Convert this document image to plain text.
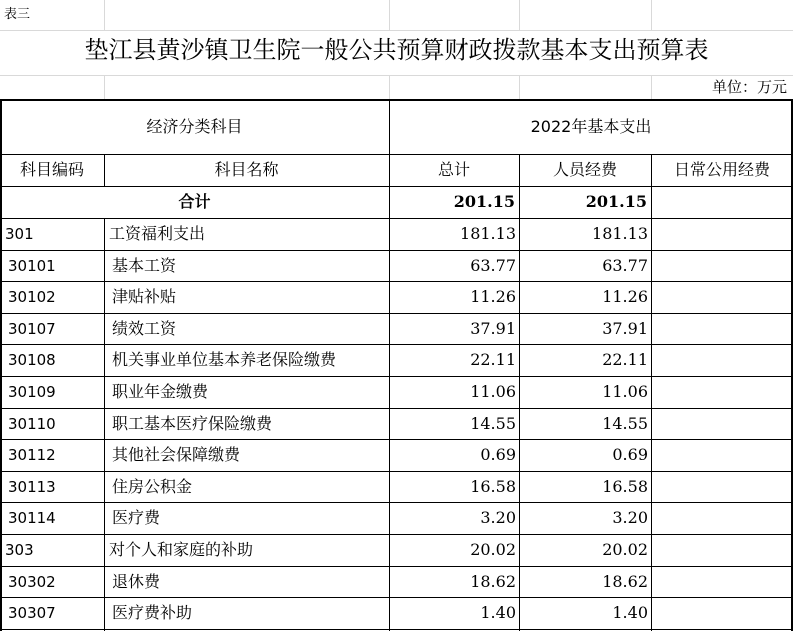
表三
垫江县黄沙镇卫生院一般公共预算财政拨款基本支出预算表
单位：万元
经济分类科目	2022年基本支出
科目编码	科目名称	总计	人员经费	日常公用经费
合计	201.15	201.15
301	工资福利支出	181.13	181.13
30101	基本工资	63.77	63.77
30102	津贴补贴	11.26	11.26
30107	绩效工资	37.91	37.91
30108	机关事业单位基本养老保险缴费	22.11	22.11
30109	职业年金缴费	11.06	11.06
30110	职工基本医疗保险缴费	14.55	14.55
30112	其他社会保障缴费	0.69	0.69
30113	住房公积金	16.58	16.58
30114	医疗费	3.20	3.20
303	对个人和家庭的补助	20.02	20.02
30302	退休费	18.62	18.62
30307	医疗费补助	1.40	1.40
